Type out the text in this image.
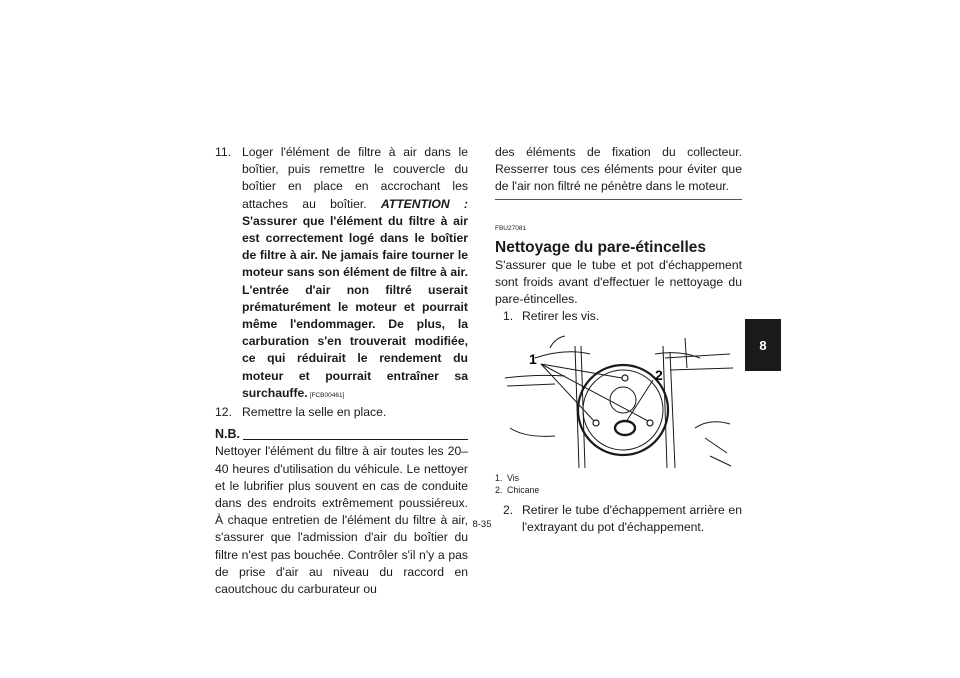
11. Loger l'élément de filtre à air dans le boîtier, puis remettre le couvercle du boîtier en place en accrochant les attaches au boîtier. ATTENTION : S'assurer que l'élément du filtre à air est correctement logé dans le boîtier de filtre à air. Ne jamais faire tourner le moteur sans son élément de filtre à air. L'entrée d'air non filtré userait prématurément le moteur et pourrait même l'endommager. De plus, la carburation s'en trouverait modifiée, ce qui réduirait le rendement du moteur et pourrait entraîner sa surchauffe. [FCB00461]
12. Remettre la selle en place.
N.B.
Nettoyer l'élément du filtre à air toutes les 20–40 heures d'utilisation du véhicule. Le nettoyer et le lubrifier plus souvent en cas de conduite dans des endroits extrêmement poussiéreux. À chaque entretien de l'élément du filtre à air, s'assurer que l'admission d'air du boîtier du filtre n'est pas bouchée. Contrôler s'il n'y a pas de prise d'air au niveau du raccord en caoutchouc du carburateur ou
des éléments de fixation du collecteur. Resserrer tous ces éléments pour éviter que de l'air non filtré ne pénètre dans le moteur.
FBU27081
Nettoyage du pare-étincelles
S'assurer que le tube et pot d'échappement sont froids avant d'effectuer le nettoyage du pare-étincelles.
1. Retirer les vis.
1
2
1. Vis
2. Chicane
2. Retirer le tube d'échappement arrière en l'extrayant du pot d'échappement.
8
8-35
